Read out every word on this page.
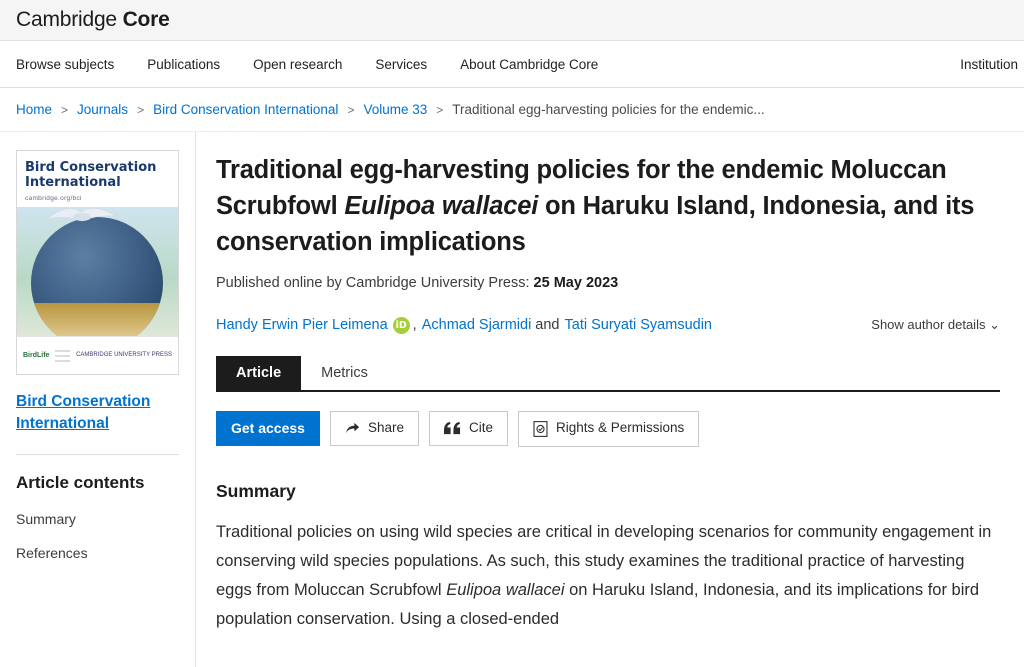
Cambridge Core
Browse subjects Publications Open research Services About Cambridge Core	Institution
Home > Journals > Bird Conservation International > Volume 33 > Traditional egg-harvesting policies for the endemic...
Bird Conservation International
cambridge.org/bci
BirdLife	CAMBRIDGE UNIVERSITY PRESS
Bird Conservation International
Article contents
Summary
References
Traditional egg-harvesting policies for the endemic Moluccan Scrubfowl Eulipoa wallacei on Haruku Island, Indonesia, and its conservation implications
Published online by Cambridge University Press: 25 May 2023
Handy Erwin Pier Leimena iD , Achmad Sjarmidi and Tati Suryati Syamsudin	Show author details ⌄
Article	Metrics
Get access	Share	Cite	Rights & Permissions
Summary
Traditional policies on using wild species are critical in developing scenarios for community engagement in conserving wild species populations. As such, this study examines the traditional practice of harvesting eggs from Moluccan Scrubfowl Eulipoa wallacei on Haruku Island, Indonesia, and its implications for bird population conservation. Using a closed-ended
